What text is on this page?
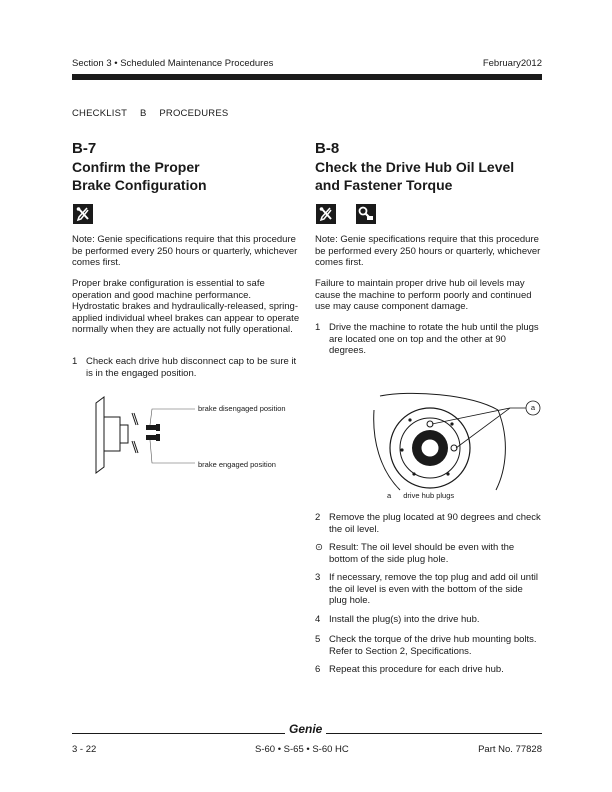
Section 3 • Scheduled Maintenance Procedures	February2012
CHECKLIST B PROCEDURES
B-7
Confirm the Proper
Brake Configuration
Note: Genie specifications require that this procedure be performed every 250 hours or quarterly, whichever comes first.
Proper brake configuration is essential to safe operation and good machine performance. Hydrostatic brakes and hydraulically-released, spring-applied individual wheel brakes can appear to operate normally when they are actually not fully operational.
1 Check each drive hub disconnect cap to be sure it is in the engaged position.
brake disengaged position
brake engaged position
B-8
Check the Drive Hub Oil Level
and Fastener Torque
Note: Genie specifications require that this procedure be performed every 250 hours or quarterly, whichever comes first.
Failure to maintain proper drive hub oil levels may cause the machine to perform poorly and continued use may cause component damage.
1 Drive the machine to rotate the hub until the plugs are located one on top and the other at 90 degrees.
a
a drive hub plugs
2 Remove the plug located at 90 degrees and check the oil level.
⊙ Result: The oil level should be even with the bottom of the side plug hole.
3 If necessary, remove the top plug and add oil until the oil level is even with the bottom of the side plug hole.
4 Install the plug(s) into the drive hub.
5 Check the torque of the drive hub mounting bolts. Refer to Section 2, Specifications.
6 Repeat this procedure for each drive hub.
Genie
3 - 22	S-60 • S-65 • S-60 HC	Part No. 77828
